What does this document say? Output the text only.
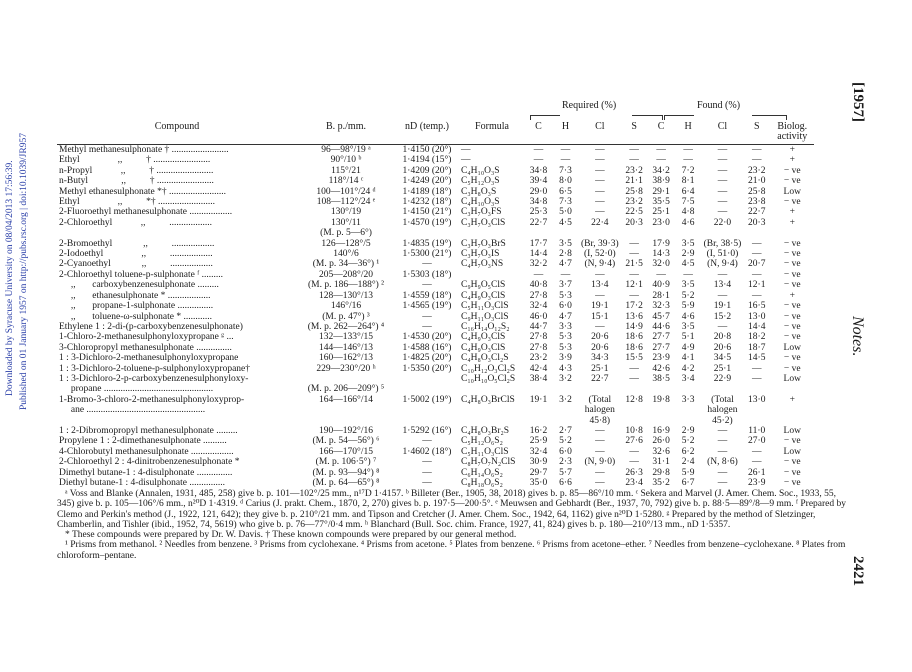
Downloaded by Syracuse University on 08/04/2013 17:56:39. Published on 01 January 1957 on http://pubs.rsc.org | doi:10.1039/JR957
[1957]
Notes.
2421
Required (%)	Found (%)
Compound	B. p./mm.	nD (temp.)	Formula	C	H	Cl	S	C	H	Cl	S	Biolog. activity
Methyl methanesulphonate † ........................	96—98°/19 ᵃ	1·4150 (20°)	—	—	—	—	—	—	—	—	—	+
Ethyl                ,,          † ........................	90°/10 ᵇ	1·4194 (15°)	—	—	—	—	—	—	—	—	—	+
n-Propyl            ,,          † ........................	115°/21	1·4209 (20°)	C₄H₁₀O₃S	34·8	7·3	—	23·2	34·2	7·2	—	23·2	− ve
n-Butyl              ,,          † ........................	118°/14 ᶜ	1·4249 (20°)	C₅H₁₂O₃S	39·4	8·0	—	21·1	38·9	8·1	—	21·0	− ve
Methyl ethanesulphonate *† ........................	100—101°/24 ᵈ	1·4189 (18°)	C₃H₈O₃S	29·0	6·5	—	25·8	29·1	6·4	—	25·8	Low
Ethyl                ,,          *† ........................	108—112°/24 ᵉ	1·4232 (18°)	C₄H₁₀O₃S	34·8	7·3	—	23·2	35·5	7·5	—	23·8	− ve
2-Fluoroethyl methanesulphonate ..................	130°/19	1·4150 (21°)	C₃H₇O₃FS	25·3	5·0	—	22·5	25·1	4·8	—	22·7	+
2-Chloroethyl            ,,          ..................	130°/11	1·4570 (19°)	C₃H₇O₃ClS	22·7	4·5	22·4	20·3	23·0	4·6	22·0	20·3	+
	(M. p. 5—6°)											
2-Bromoethyl             ,,          ..................	126—128°/5	1·4835 (19°)	C₃H₇O₃BrS	17·7	3·5	(Br, 39·3)	—	17·9	3·5	(Br, 38·5)	—	− ve
2-Iodoethyl                ,,          ..................	140°/6	1·5300 (21°)	C₃H₇O₃IS	14·4	2·8	(I, 52·0)	—	14·3	2·9	(I, 51·0)	—	− ve
2-Cyanoethyl             ,,          ..................	(M. p. 34—36°) ¹	—	C₄H₇O₃NS	32·2	4·7	(N, 9·4)	21·5	32·0	4·5	(N, 9·4)	20·7	− ve
2-Chloroethyl toluene-p-sulphonate ᶠ .........	205—208°/20	1·5303 (18°)		—	—	—	—	—	—	—	—	− ve
,,       carboxybenzenesulphonate .........	(M. p. 186—188°) ²	—	C₉H₉O₅ClS	40·8	3·7	13·4	12·1	40·9	3·5	13·4	12·1	− ve
,,       ethanesulphonate * ..................	128—130°/13	1·4559 (18°)	C₄H₉O₃ClS	27·8	5·3	—	—	28·1	5·2	—	—	+
,,       propane-1-sulphonate ...............	146°/16	1·4565 (19°)	C₅H₁₁O₃ClS	32·4	6·0	19·1	17·2	32·3	5·9	19·1	16·5	− ve
,,       toluene-ω-sulphonate * ............	(M. p. 47°) ³	—	C₉H₁₁O₃ClS	46·0	4·7	15·1	13·6	45·7	4·6	15·2	13·0	− ve
Ethylene 1 : 2-di-(p-carboxybenzenesulphonate)	(M. p. 262—264°) ⁴	—	C₁₆H₁₄O₁₂S₂	44·7	3·3	—	14·9	44·6	3·5	—	14·4	− ve
1-Chloro-2-methanesulphonyloxypropane ᵍ ...	132—133°/15	1·4530 (20°)	C₄H₉O₃ClS	27·8	5·3	20·6	18·6	27·7	5·1	20·8	18·2	− ve
3-Chloropropyl methanesulphonate ...............	144—146°/13	1·4588 (16°)	C₄H₉O₃ClS	27·8	5·3	20·6	18·6	27·7	4·9	20·6	18·7	Low
1 : 3-Dichloro-2-methanesulphonyloxypropane	160—162°/13	1·4825 (20°)	C₄H₈O₃Cl₂S	23·2	3·9	34·3	15·5	23·9	4·1	34·5	14·5	− ve
1 : 3-Dichloro-2-toluene-p-sulphonyloxypropane†	229—230°/20 ʰ	1·5350 (20°)	C₁₀H₁₂O₃Cl₂S	42·4	4·3	25·1	—	42·6	4·2	25·1	—	− ve
1 : 3-Dichloro-2-p-carboxybenzenesulphonyloxy-			C₁₀H₁₀O₅Cl₂S	38·4	3·2	22·7	—	38·5	3·4	22·9	—	Low
propane ..............................................	(M. p. 206—209°) ⁵											
1-Bromo-3-chloro-2-methanesulphonyloxyprop-	164—166°/14	1·5002 (19°)	C₄H₈O₃BrClS	19·1	3·2	(Total	12·8	19·8	3·3	(Total	13·0	+
ane ..................................................						halogen				halogen		
						45·8)				45·2)		
1 : 2-Dibromopropyl methanesulphonate .........	190—192°/16	1·5292 (16°)	C₄H₈O₃Br₂S	16·2	2·7	—	10·8	16·9	2·9	—	11·0	Low
Propylene 1 : 2-dimethanesulphonate ..........	(M. p. 54—56°) ⁶	—	C₅H₁₂O₆S₂	25·9	5·2	—	27·6	26·0	5·2	—	27·0	− ve
4-Chlorobutyl methanesulphonate ..................	166—170°/15	1·4602 (18°)	C₅H₁₁O₃ClS	32·4	6·0	—	—	32·6	6·2	—	—	Low
2-Chloroethyl 2 : 4-dinitrobenzenesulphonate *	(M. p. 106·5°) ⁷	—	C₈H₇O₇N₂ClS	30·9	2·3	(N, 9·0)	—	31·1	2·4	(N, 8·6)	—	− ve
Dimethyl butane-1 : 4-disulphonate ...............	(M. p. 93—94°) ⁸	—	C₆H₁₄O₆S₂	29·7	5·7	—	26·3	29·8	5·9	—	26·1	− ve
Diethyl butane-1 : 4-disulphonate ...............	(M. p. 64—65°) ⁸	—	C₈H₁₈O₆S₂	35·0	6·6	—	23·4	35·2	6·7	—	23·9	− ve

ᵃ Voss and Blanke (Annalen, 1931, 485, 258) give b. p. 101—102°/25 mm., n¹⁷D 1·4157. ᵇ Billeter (Ber., 1905, 38, 2018) gives b. p. 85—86°/10 mm. ᶜ Sekera and Marvel (J. Amer. Chem. Soc., 1933, 55, 345) give b. p. 105—106°/6 mm., n²⁰D 1·4319. ᵈ Carius (J. prakt. Chem., 1870, 2, 270) gives b. p. 197·5—200·5°. ᵉ Meuwsen and Gebhardt (Ber., 1937, 70, 792) give b. p. 88·5—89°/8—9 mm. ᶠ Prepared by Clemo and Perkin's method (J., 1922, 121, 642); they give b. p. 210°/21 mm. and Tipson and Cretcher (J. Amer. Chem. Soc., 1942, 64, 1162) give n²⁰D 1·5280. ᵍ Prepared by the method of Sletzinger, Chamberlin, and Tishler (ibid., 1952, 74, 5619) who give b. p. 76—77°/0·4 mm. ʰ Blanchard (Bull. Soc. chim. France, 1927, 41, 824) gives b. p. 180—210°/13 mm., nD 1·5357.

* These compounds were prepared by Dr. W. Davis. † These known compounds were prepared by our general method.

¹ Prisms from methanol. ² Needles from benzene. ³ Prisms from cyclohexane. ⁴ Prisms from acetone. ⁵ Plates from benzene. ⁶ Prisms from acetone–ether. ⁷ Needles from benzene–cyclohexane. ⁸ Plates from chloroform–pentane.
